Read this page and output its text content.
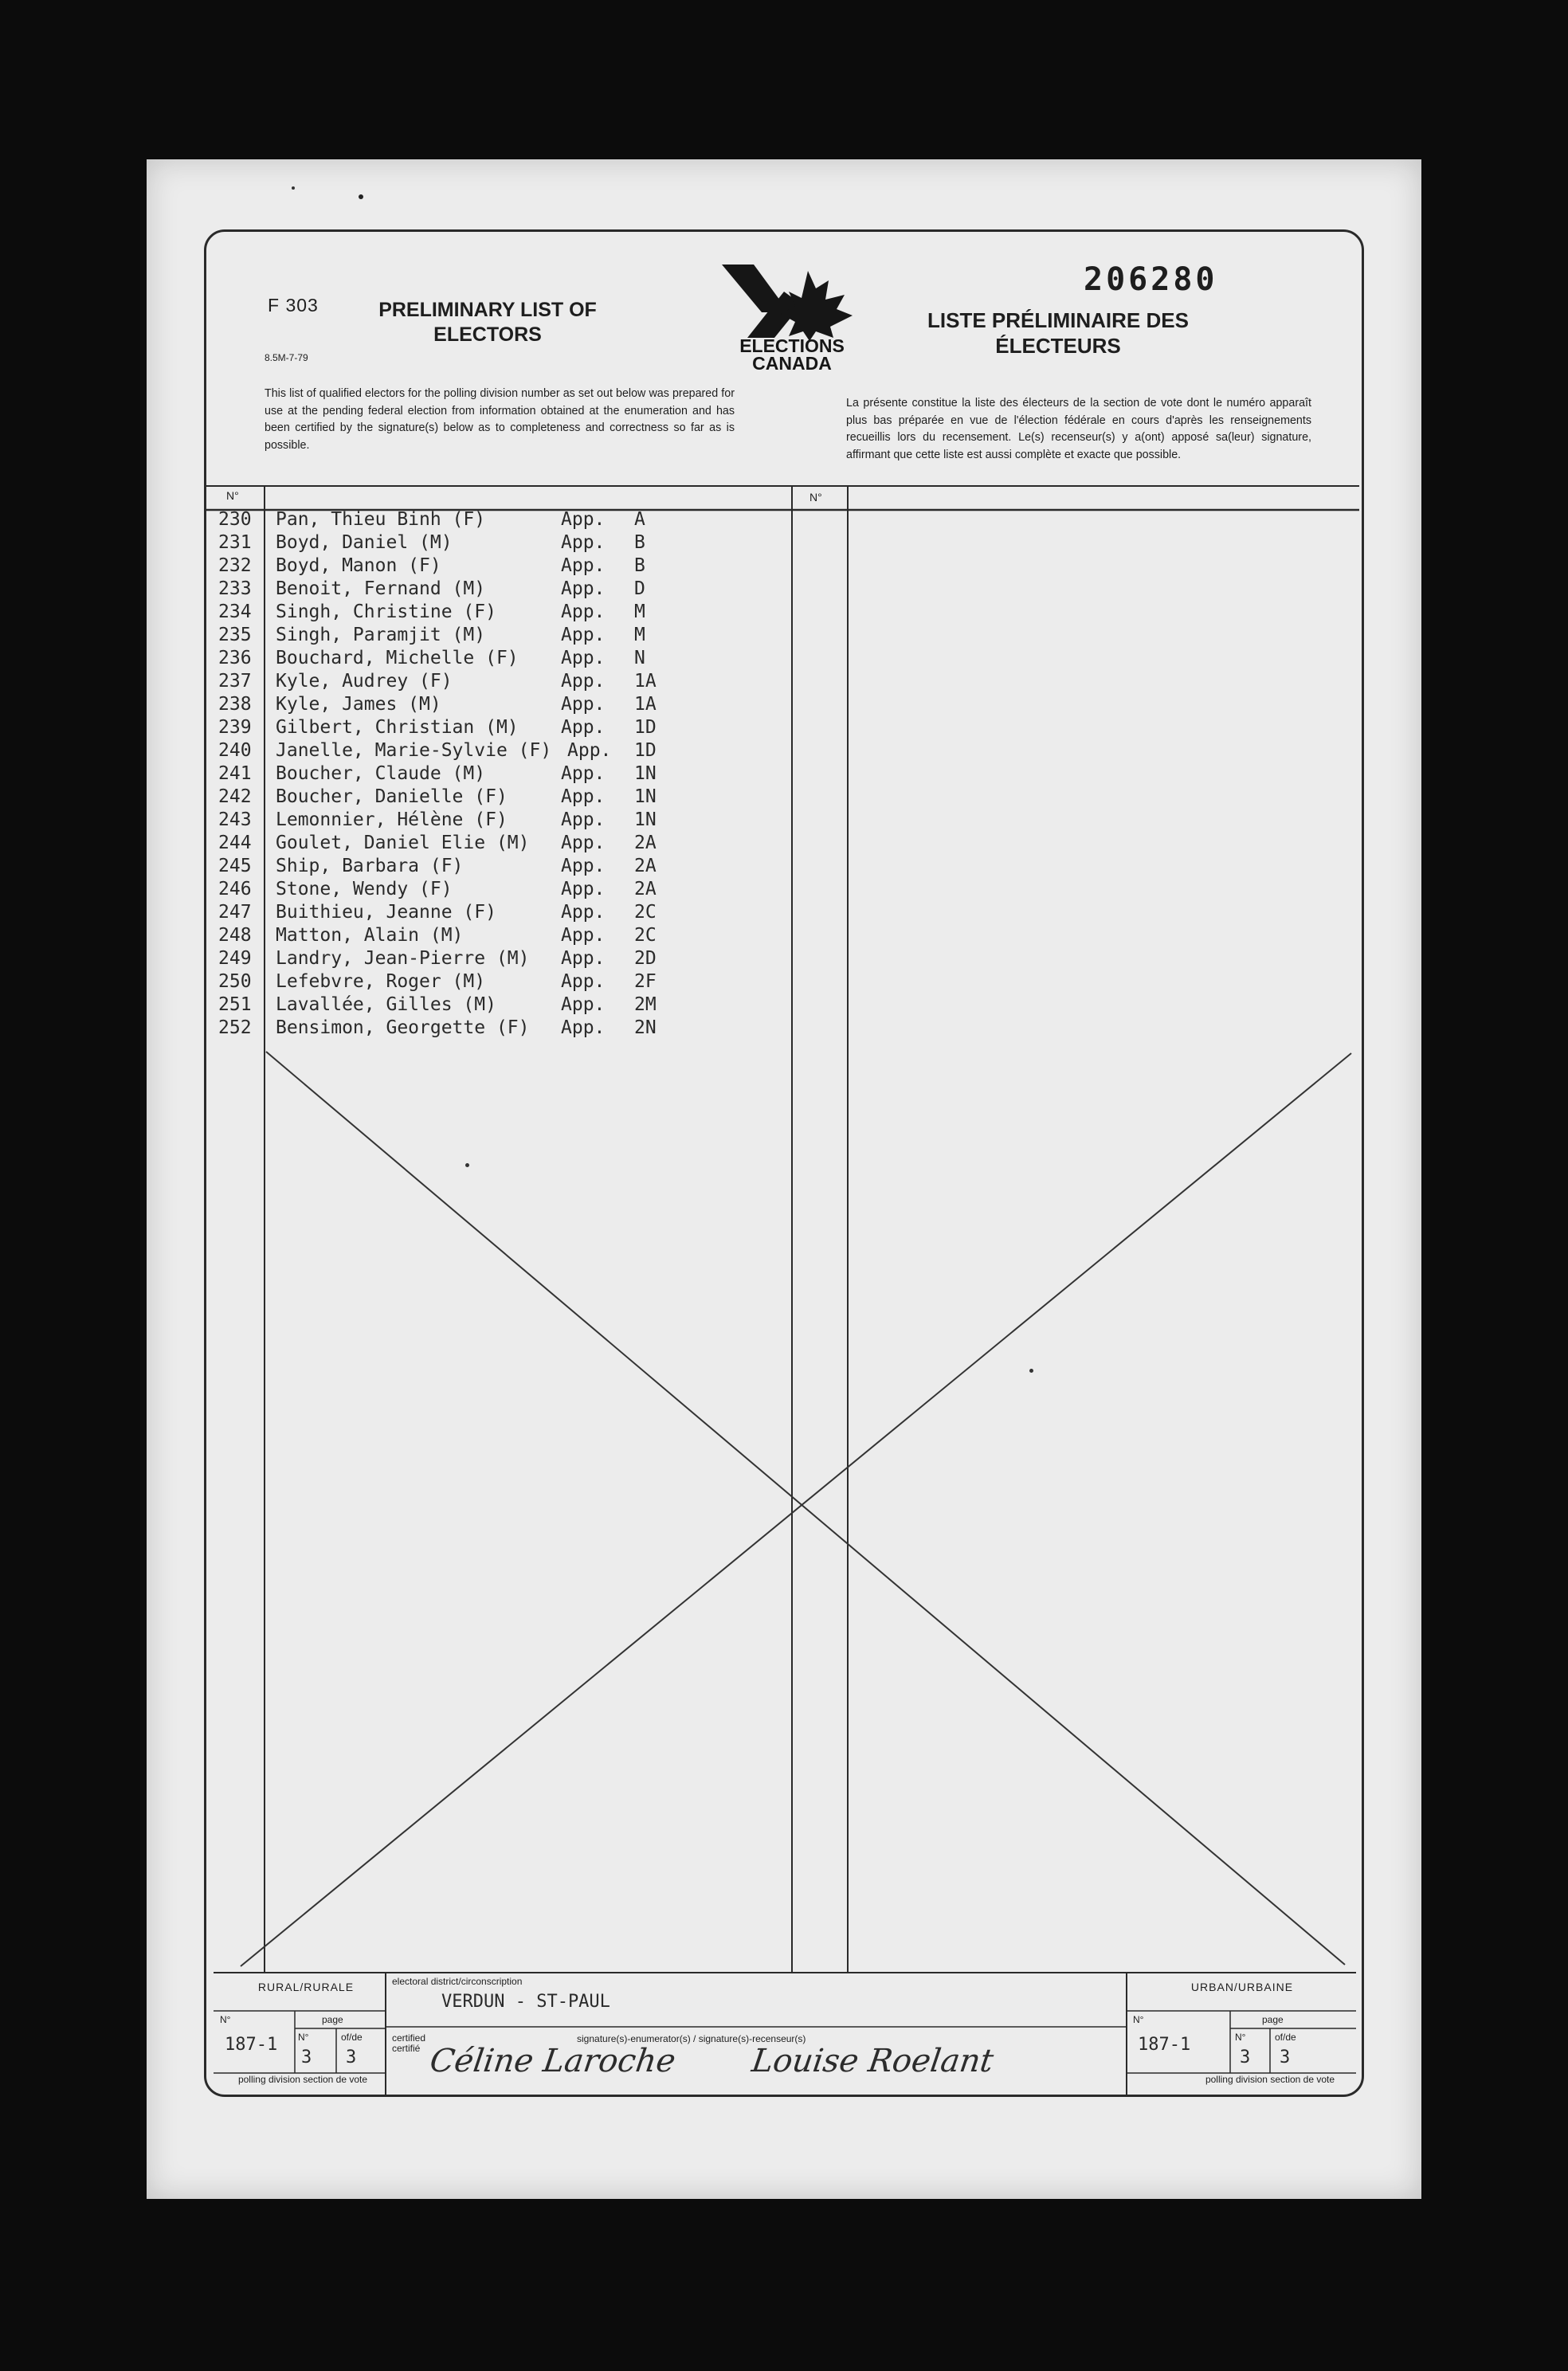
F 303
8.5M-7-79
PRELIMINARY LIST OF ELECTORS
LISTE PRÉLIMINAIRE DES ÉLECTEURS
206280
ELECTIONS
CANADA
This list of qualified electors for the polling division number as set out below was prepared for use at the pending federal election from information obtained at the enumeration and has been certified by the signature(s) below as to completeness and correctness so far as is possible.
La présente constitue la liste des électeurs de la section de vote dont le numéro apparaît plus bas préparée en vue de l'élection fédérale en cours d'après les renseignements recueillis lors du recensement. Le(s) recenseur(s) y a(ont) apposé sa(leur) signature, affirmant que cette liste est aussi complète et exacte que possible.
N°	N°

230	Pan, Thieu Binh (F)	App. A

231	Boyd, Daniel (M)	App. B

232	Boyd, Manon (F)	App. B

233	Benoit, Fernand (M)	App. D

234	Singh, Christine (F)	App. M

235	Singh, Paramjit (M)	App. M

236	Bouchard, Michelle (F) App. N

237	Kyle, Audrey (F)	App. 1A

238	Kyle, James (M)	App. 1A

239	Gilbert, Christian (M) App. 1D

240	Janelle, Marie-Sylvie (F) App. 1D

241	Boucher, Claude (M)	App. 1N

242	Boucher, Danielle (F)	App. 1N

243	Lemonnier, Hélène (F)	App. 1N

244	Goulet, Daniel Elie (M) App. 2A

245	Ship, Barbara (F)	App. 2A

246	Stone, Wendy (F)	App. 2A

247	Buithieu, Jeanne (F)	App. 2C

248	Matton, Alain (M)	App. 2C

249	Landry, Jean-Pierre (M) App. 2D

250	Lefebvre, Roger (M)	App. 2F

251	Lavallée, Gilles (M)	App. 2M

252	Bensimon, Georgette (F) App. 2N

RURAL/RURALE
N°
187-1
page
N°
3
of/de
3
polling division section de vote
electoral district/circonscription
VERDUN - ST-PAUL
certified certifié
signature(s)-enumerator(s) / signature(s)-recenseur(s)
Céline Laroche Louise Roelant
URBAN/URBAINE
N°
187-1
page
N°
3
of/de
3
polling division section de vote
